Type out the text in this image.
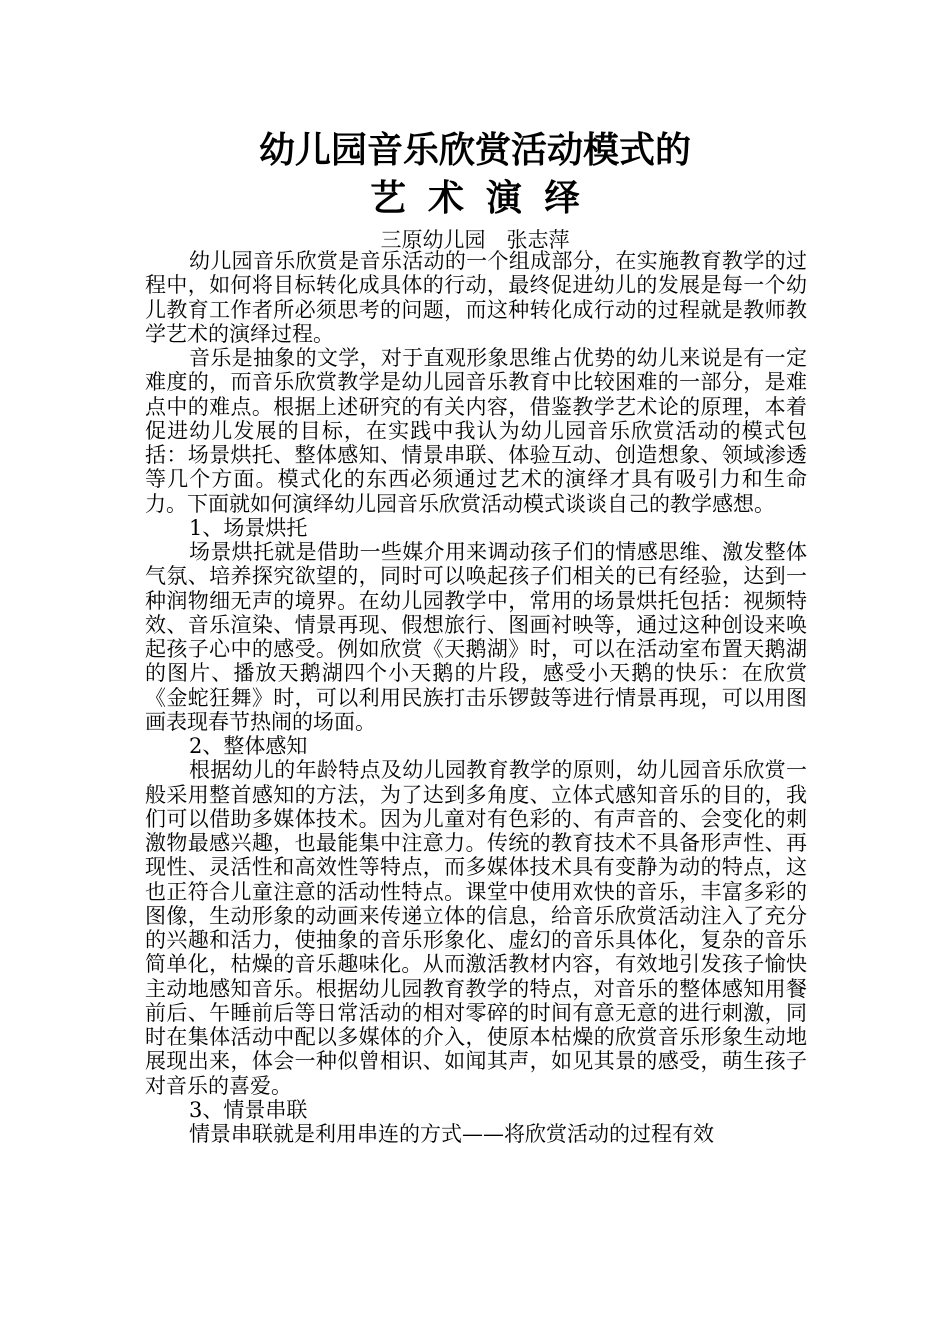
幼儿园音乐欣赏活动模式的
艺术演绎
三原幼儿园　张志萍

幼儿园音乐欣赏是音乐活动的一个组成部分，在实施教育教学的过程中，如何将目标转化成具体的行动，最终促进幼儿的发展是每一个幼儿教育工作者所必须思考的问题，而这种转化成行动的过程就是教师教学艺术的演绎过程。

音乐是抽象的文学，对于直观形象思维占优势的幼儿来说是有一定难度的，而音乐欣赏教学是幼儿园音乐教育中比较困难的一部分，是难点中的难点。根据上述研究的有关内容，借鉴教学艺术论的原理，本着促进幼儿发展的目标，在实践中我认为幼儿园音乐欣赏活动的模式包括：场景烘托、整体感知、情景串联、体验互动、创造想象、领域渗透等几个方面。模式化的东西必须通过艺术的演绎才具有吸引力和生命力。下面就如何演绎幼儿园音乐欣赏活动模式谈谈自己的教学感想。

1、场景烘托

场景烘托就是借助一些媒介用来调动孩子们的情感思维、激发整体气氛、培养探究欲望的，同时可以唤起孩子们相关的已有经验，达到一种润物细无声的境界。在幼儿园教学中，常用的场景烘托包括：视频特效、音乐渲染、情景再现、假想旅行、图画衬映等，通过这种创设来唤起孩子心中的感受。例如欣赏《天鹅湖》时，可以在活动室布置天鹅湖的图片、播放天鹅湖四个小天鹅的片段，感受小天鹅的快乐：在欣赏《金蛇狂舞》时，可以利用民族打击乐锣鼓等进行情景再现，可以用图画表现春节热闹的场面。

2、整体感知

根据幼儿的年龄特点及幼儿园教育教学的原则，幼儿园音乐欣赏一般采用整首感知的方法，为了达到多角度、立体式感知音乐的目的，我们可以借助多媒体技术。因为儿童对有色彩的、有声音的、会变化的刺激物最感兴趣，也最能集中注意力。传统的教育技术不具备形声性、再现性、灵活性和高效性等特点，而多媒体技术具有变静为动的特点，这也正符合儿童注意的活动性特点。课堂中使用欢快的音乐，丰富多彩的图像，生动形象的动画来传递立体的信息，给音乐欣赏活动注入了充分的兴趣和活力，使抽象的音乐形象化、虚幻的音乐具体化，复杂的音乐简单化，枯燥的音乐趣味化。从而激活教材内容，有效地引发孩子愉快主动地感知音乐。根据幼儿园教育教学的特点，对音乐的整体感知用餐前后、午睡前后等日常活动的相对零碎的时间有意无意的进行刺激，同时在集体活动中配以多媒体的介入，使原本枯燥的欣赏音乐形象生动地展现出来，体会一种似曾相识、如闻其声，如见其景的感受，萌生孩子对音乐的喜爱。

3、情景串联

情景串联就是利用串连的方式——将欣赏活动的过程有效
